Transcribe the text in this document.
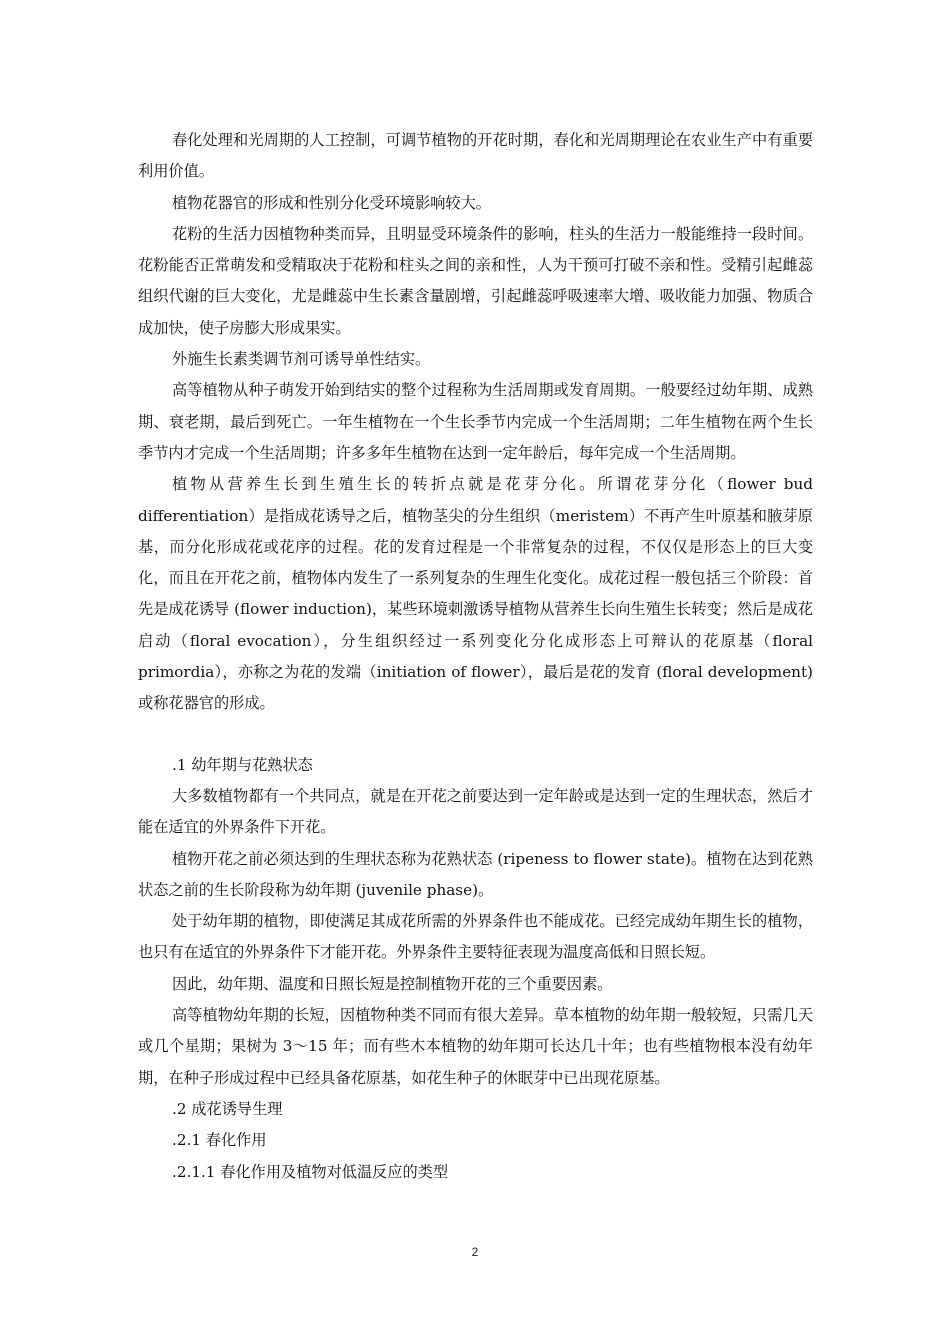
春化处理和光周期的人工控制，可调节植物的开花时期，春化和光周期理论在农业生产中有重要利用价值。

植物花器官的形成和性别分化受环境影响较大。

花粉的生活力因植物种类而异，且明显受环境条件的影响，柱头的生活力一般能维持一段时间。花粉能否正常萌发和受精取决于花粉和柱头之间的亲和性，人为干预可打破不亲和性。受精引起雌蕊组织代谢的巨大变化，尤是雌蕊中生长素含量剧增，引起雌蕊呼吸速率大增、吸收能力加强、物质合成加快，使子房膨大形成果实。

外施生长素类调节剂可诱导单性结实。

高等植物从种子萌发开始到结实的整个过程称为生活周期或发育周期。一般要经过幼年期、成熟期、衰老期，最后到死亡。一年生植物在一个生长季节内完成一个生活周期；二年生植物在两个生长季节内才完成一个生活周期；许多多年生植物在达到一定年龄后，每年完成一个生活周期。

植物从营养生长到生殖生长的转折点就是花芽分化。所谓花芽分化（flower bud differentiation）是指成花诱导之后，植物茎尖的分生组织（meristem）不再产生叶原基和腋芽原基，而分化形成花或花序的过程。花的发育过程是一个非常复杂的过程，不仅仅是形态上的巨大变化，而且在开花之前，植物体内发生了一系列复杂的生理生化变化。成花过程一般包括三个阶段：首先是成花诱导 (flower induction)，某些环境刺激诱导植物从营养生长向生殖生长转变；然后是成花启动（floral evocation），分生组织经过一系列变化分化成形态上可辩认的花原基（floral primordia），亦称之为花的发端（initiation of flower），最后是花的发育 (floral development)或称花器官的形成。

.1 幼年期与花熟状态

大多数植物都有一个共同点，就是在开花之前要达到一定年龄或是达到一定的生理状态，然后才能在适宜的外界条件下开花。

植物开花之前必须达到的生理状态称为花熟状态 (ripeness to flower state)。植物在达到花熟状态之前的生长阶段称为幼年期 (juvenile phase)。

处于幼年期的植物，即使满足其成花所需的外界条件也不能成花。已经完成幼年期生长的植物，也只有在适宜的外界条件下才能开花。外界条件主要特征表现为温度高低和日照长短。

因此，幼年期、温度和日照长短是控制植物开花的三个重要因素。

高等植物幼年期的长短，因植物种类不同而有很大差异。草本植物的幼年期一般较短，只需几天或几个星期；果树为 3～15 年；而有些木本植物的幼年期可长达几十年；也有些植物根本没有幼年期，在种子形成过程中已经具备花原基，如花生种子的休眠芽中已出现花原基。

.2 成花诱导生理

.2.1 春化作用

.2.1.1 春化作用及植物对低温反应的类型

2
